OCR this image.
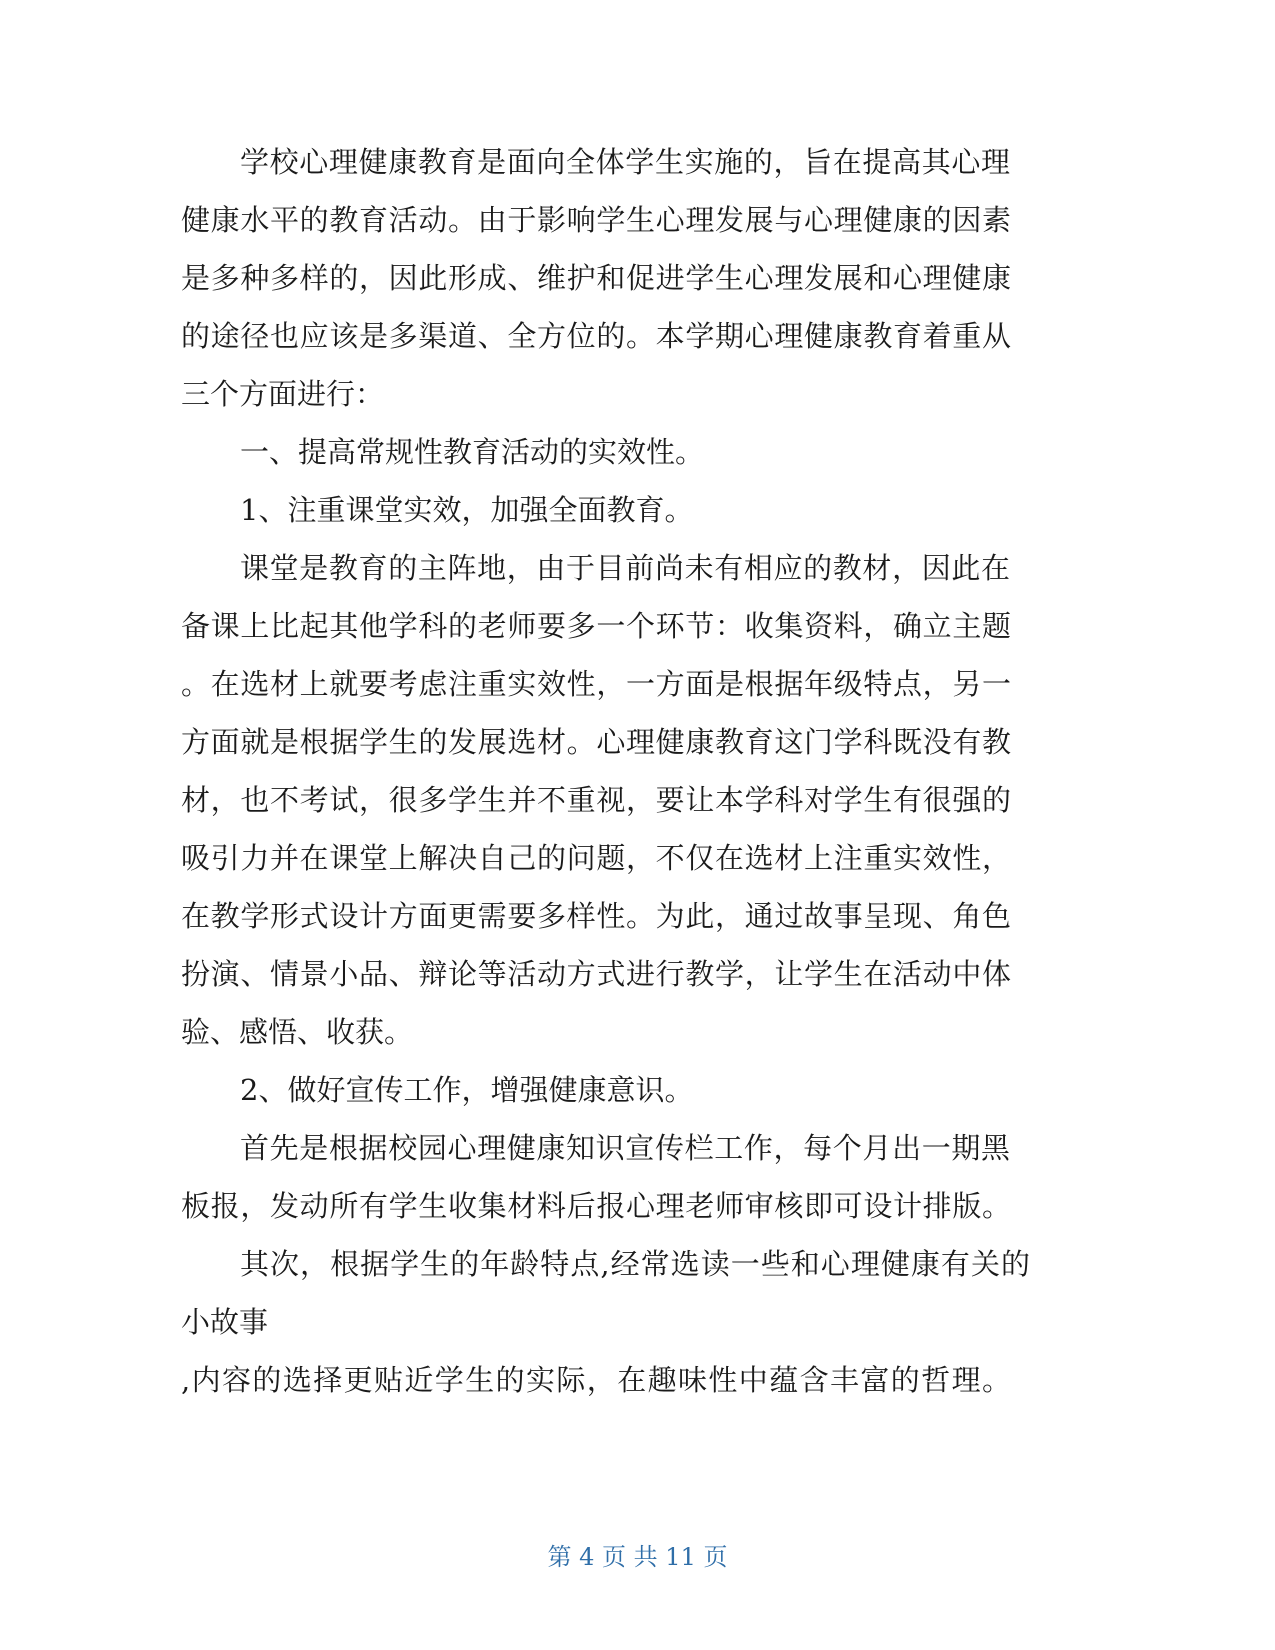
学校心理健康教育是面向全体学生实施的，旨在提高其心理
健康水平的教育活动。由于影响学生心理发展与心理健康的因素
是多种多样的，因此形成、维护和促进学生心理发展和心理健康
的途径也应该是多渠道、全方位的。本学期心理健康教育着重从
三个方面进行：
一、提高常规性教育活动的实效性。
1、注重课堂实效，加强全面教育。
课堂是教育的主阵地，由于目前尚未有相应的教材，因此在
备课上比起其他学科的老师要多一个环节：收集资料，确立主题
。在选材上就要考虑注重实效性，一方面是根据年级特点，另一
方面就是根据学生的发展选材。心理健康教育这门学科既没有教
材，也不考试，很多学生并不重视，要让本学科对学生有很强的
吸引力并在课堂上解决自己的问题，不仅在选材上注重实效性，
在教学形式设计方面更需要多样性。为此，通过故事呈现、角色
扮演、情景小品、辩论等活动方式进行教学，让学生在活动中体
验、感悟、收获。
2、做好宣传工作，增强健康意识。
首先是根据校园心理健康知识宣传栏工作，每个月出一期黑
板报，发动所有学生收集材料后报心理老师审核即可设计排版。
其次，根据学生的年龄特点,经常选读一些和心理健康有关的
小故事
,内容的选择更贴近学生的实际，在趣味性中蕴含丰富的哲理。
第 4 页 共 11 页
